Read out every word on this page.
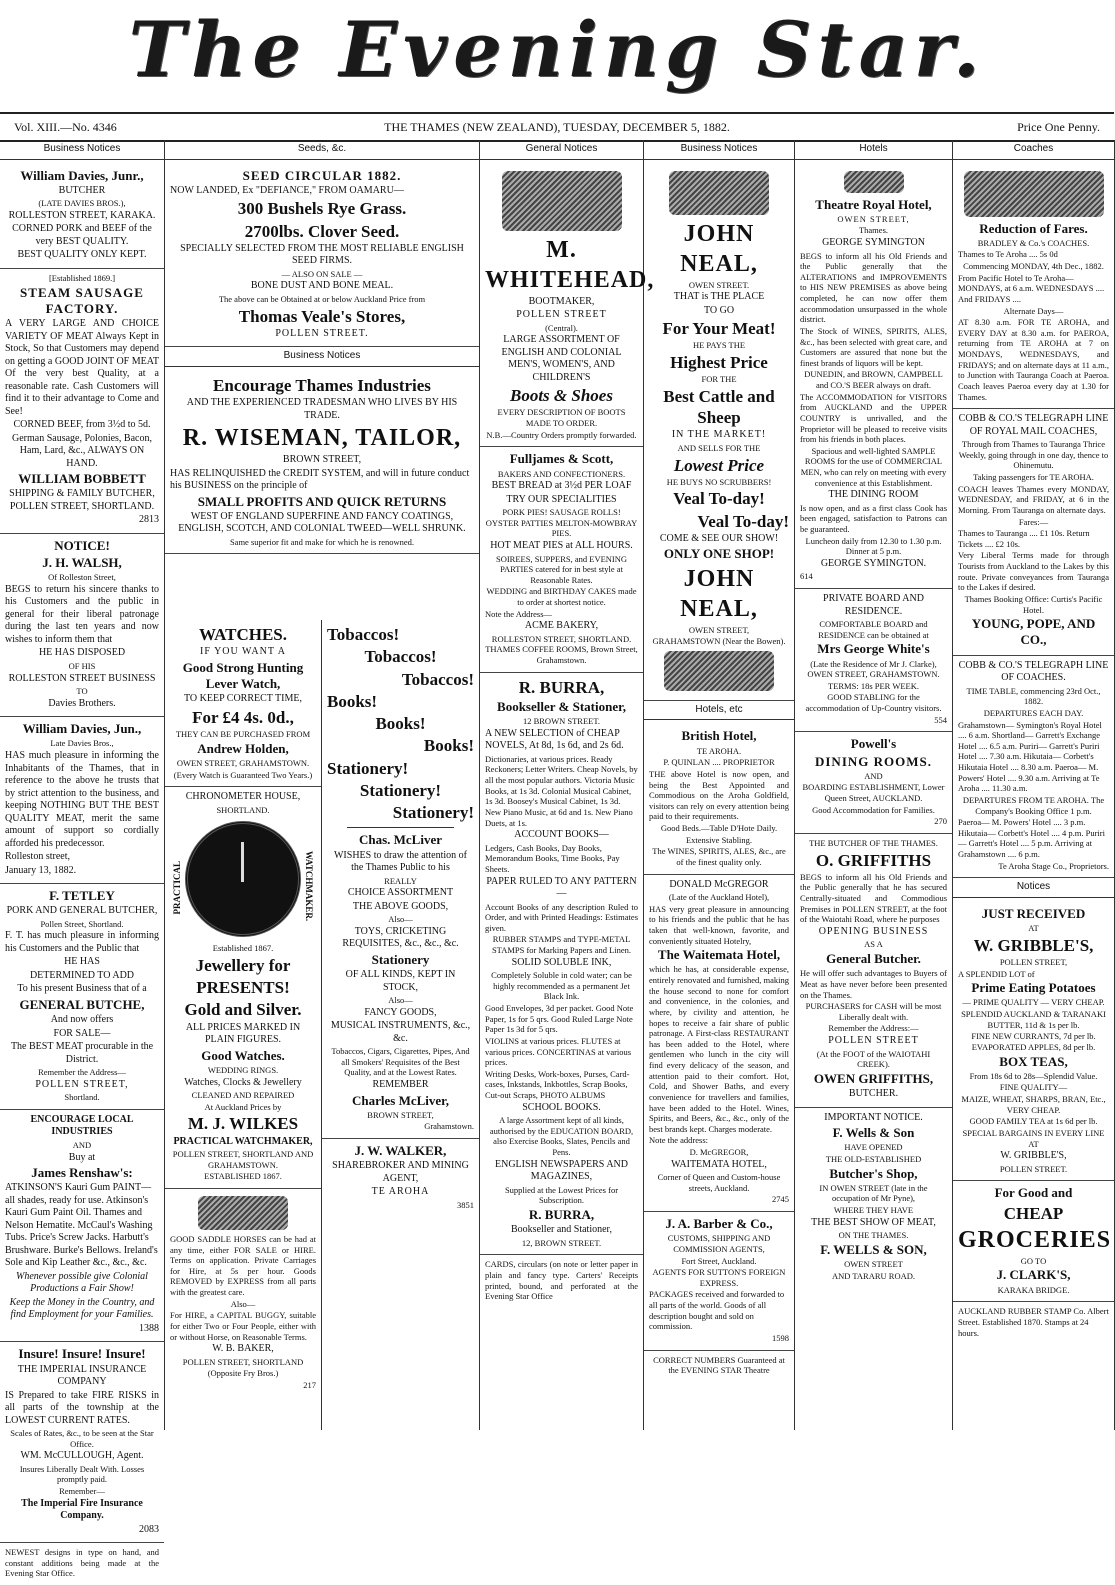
The Evening Star.
Vol. XIII.—No. 4346	THE THAMES (NEW ZEALAND), TUESDAY, DECEMBER 5, 1882.	Price One Penny.
Business Notices

William Davies, Junr.,

BUTCHER

(LATE DAVIES BROS.),

ROLLESTON STREET, KARAKA.

CORNED PORK and BEEF of the very BEST QUALITY.

BEST QUALITY ONLY KEPT.

[Established 1869.]

STEAM SAUSAGE FACTORY.

A VERY LARGE AND CHOICE VARIETY OF MEAT Always Kept in Stock, So that Customers may depend on getting a GOOD JOINT OF MEAT Of the very best Quality, at a reasonable rate. Cash Customers will find it to their advantage to Come and See!

CORNED BEEF, from 3½d to 5d.

German Sausage, Polonies, Bacon, Ham, Lard, &c., ALWAYS ON HAND.

WILLIAM BOBBETT

SHIPPING & FAMILY BUTCHER, POLLEN STREET, SHORTLAND.

2813

NOTICE!

J. H. WALSH,

Of Rolleston Street,

BEGS to return his sincere thanks to his Customers and the public in general for their liberal patronage during the last ten years and now wishes to inform them that

HE HAS DISPOSED

OF HIS

ROLLESTON STREET BUSINESS

TO

Davies Brothers.

William Davies, Jun.,

Late Davies Bros.,

HAS much pleasure in informing the Inhabitants of the Thames, that in reference to the above he trusts that by strict attention to the business, and keeping NOTHING BUT THE BEST QUALITY MEAT, merit the same amount of support so cordially afforded his predecessor.

Rolleston street,

January 13, 1882.

F. TETLEY

PORK AND GENERAL BUTCHER,

Pollen Street, Shortland.

F. T. has much pleasure in informing his Customers and the Public that

HE HAS

DETERMINED TO ADD

To his present Business that of a

GENERAL BUTCHE,

And now offers

FOR SALE—

The BEST MEAT procurable in the District.

Remember the Address—

POLLEN STREET,

Shortland.

ENCOURAGE LOCAL INDUSTRIES

AND

Buy at

James Renshaw's:

ATKINSON'S Kauri Gum PAINT—all shades, ready for use. Atkinson's Kauri Gum Paint Oil. Thames and Nelson Hematite. McCaul's Washing Tubs. Price's Screw Jacks. Harbutt's Brushware. Burke's Bellows. Ireland's Sole and Kip Leather &c., &c., &c.

Whenever possible give Colonial Productions a Fair Show!

Keep the Money in the Country, and find Employment for your Families.

1388

Insure! Insure! Insure!

THE IMPERIAL INSURANCE COMPANY

IS Prepared to take FIRE RISKS in all parts of the township at the LOWEST CURRENT RATES.

Scales of Rates, &c., to be seen at the Star Office.

WM. McCULLOUGH, Agent.

Insures Liberally Dealt With. Losses promptly paid.

Remember—

The Imperial Fire Insurance Company.

2083

NEWEST designs in type on hand, and constant additions being made at the Evening Star Office.

Seeds, &c.

SEED CIRCULAR 1882.

NOW LANDED, Ex "DEFIANCE," FROM OAMARU—

300 Bushels Rye Grass.

2700lbs. Clover Seed.

SPECIALLY SELECTED FROM THE MOST RELIABLE ENGLISH SEED FIRMS.

— ALSO ON SALE —

BONE DUST AND BONE MEAL.

The above can be Obtained at or below Auckland Price from

Thomas Veale's Stores,

POLLEN STREET.

Business Notices

Encourage Thames Industries

AND THE EXPERIENCED TRADESMAN WHO LIVES BY HIS TRADE.

R. WISEMAN, TAILOR,

BROWN STREET,

HAS RELINQUISHED the CREDIT SYSTEM, and will in future conduct his BUSINESS on the principle of

SMALL PROFITS AND QUICK RETURNS

WEST OF ENGLAND SUPERFINE AND FANCY COATINGS, ENGLISH, SCOTCH, AND COLONIAL TWEED—WELL SHRUNK.

Same superior fit and make for which he is renowned.

WATCHES.

IF YOU WANT A

Good Strong Hunting Lever Watch,

TO KEEP CORRECT TIME,

For £4 4s. 0d.,

THEY CAN BE PURCHASED FROM

Andrew Holden,

OWEN STREET, GRAHAMSTOWN.

(Every Watch is Guaranteed Two Years.)

CHRONOMETER HOUSE,

SHORTLAND.

PRACTICAL	WATCHMAKER.

Established 1867.

Jewellery for

PRESENTS!

Gold and Silver.

ALL PRICES MARKED IN PLAIN FIGURES.

Good Watches.

WEDDING RINGS.

Watches, Clocks & Jewellery

CLEANED AND REPAIRED

At Auckland Prices by

M. J. WILKES

PRACTICAL WATCHMAKER,

POLLEN STREET, SHORTLAND AND GRAHAMSTOWN.

ESTABLISHED 1867.

GOOD SADDLE HORSES can be had at any time, either FOR SALE or HIRE. Terms on application. Private Carriages for Hire, at 5s per hour. Goods REMOVED by EXPRESS from all parts with the greatest care.

Also—

For HIRE, a CAPITAL BUGGY, suitable for either Two or Four People, either with or without Horse, on Reasonable Terms.

W. B. BAKER,

POLLEN STREET, SHORTLAND

(Opposite Fry Bros.)

217

Tobaccos!

Tobaccos!

Tobaccos!

Books!

Books!

Books!

Stationery!

Stationery!

Stationery!

Chas. McLiver

WISHES to draw the attention of the Thames Public to his

REALLY

CHOICE ASSORTMENT

THE ABOVE GOODS,

Also—

TOYS, CRICKETING REQUISITES, &c., &c., &c.

Stationery

OF ALL KINDS, KEPT IN STOCK,

Also—

FANCY GOODS,

MUSICAL INSTRUMENTS, &c., &c.

Tobaccos, Cigars, Cigarettes, Pipes, And all Smokers' Requisites of the Best Quality, and at the Lowest Rates.

REMEMBER

Charles McLiver,

BROWN STREET,

Grahamstown.

J. W. WALKER,

SHAREBROKER AND MINING AGENT,

TE AROHA

3851

General Notices

M. WHITEHEAD,

BOOTMAKER,

POLLEN STREET

(Central).

LARGE ASSORTMENT OF ENGLISH AND COLONIAL MEN'S, WOMEN'S, AND CHILDREN'S

Boots & Shoes

EVERY DESCRIPTION OF BOOTS MADE TO ORDER.

N.B.—Country Orders promptly forwarded.

Fulljames & Scott,

BAKERS AND CONFECTIONERS.

BEST BREAD at 3½d PER LOAF

TRY OUR SPECIALITIES

PORK PIES! SAUSAGE ROLLS! OYSTER PATTIES MELTON-MOWBRAY PIES.

HOT MEAT PIES at ALL HOURS.

SOIREES, SUPPERS, and EVENING PARTIES catered for in best style at Reasonable Rates.

WEDDING and BIRTHDAY CAKES made to order at shortest notice.

Note the Address—

ACME BAKERY,

ROLLESTON STREET, SHORTLAND. THAMES COFFEE ROOMS, Brown Street, Grahamstown.

R. BURRA,

Bookseller & Stationer,

12 BROWN STREET.

A NEW SELECTION of CHEAP NOVELS, At 8d, 1s 6d, and 2s 6d.

Dictionaries, at various prices. Ready Reckoners; Letter Writers. Cheap Novels, by all the most popular authors. Victoria Music Books, at 1s 3d. Colonial Musical Cabinet, 1s 3d. Boosey's Musical Cabinet, 1s 3d. New Piano Music, at 6d and 1s. New Piano Duets, at 1s.

ACCOUNT BOOKS—

Ledgers, Cash Books, Day Books, Memorandum Books, Time Books, Pay Sheets.

PAPER RULED TO ANY PATTERN—

Account Books of any description Ruled to Order, and with Printed Headings: Estimates given.

RUBBER STAMPS and TYPE-METAL STAMPS for Marking Papers and Linen.

SOLID SOLUBLE INK,

Completely Soluble in cold water; can be highly recommended as a permanent Jet Black Ink.

Good Envelopes, 3d per packet. Good Note Paper, 1s for 5 qrs. Good Ruled Large Note Paper 1s 3d for 5 qrs.

VIOLINS at various prices. FLUTES at various prices. CONCERTINAS at various prices.

Writing Desks, Work-boxes, Purses, Card-cases, Inkstands, Inkbottles, Scrap Books, Cut-out Scraps, PHOTO ALBUMS

SCHOOL BOOKS.

A large Assortment kept of all kinds, authorised by the EDUCATION BOARD, also Exercise Books, Slates, Pencils and Pens.

ENGLISH NEWSPAPERS AND MAGAZINES,

Supplied at the Lowest Prices for Subscription.

R. BURRA,

Bookseller and Stationer,

12, BROWN STREET.

CARDS, circulars (on note or letter paper in plain and fancy type. Carters' Receipts printed, bound, and perforated at the Evening Star Office

Business Notices

JOHN NEAL,

OWEN STREET.

THAT is THE PLACE

TO GO

For Your Meat!

HE PAYS THE

Highest Price

FOR THE

Best Cattle and Sheep

IN THE MARKET!

AND SELLS FOR THE

Lowest Price

HE BUYS NO SCRUBBERS!

Veal To-day!

Veal To-day!

COME & SEE OUR SHOW!

ONLY ONE SHOP!

JOHN NEAL,

OWEN STREET,

GRAHAMSTOWN (Near the Bowen).

Hotels, etc

British Hotel,

TE AROHA.

P. QUINLAN .... PROPRIETOR

THE above Hotel is now open, and being the Best Appointed and Commodious on the Aroha Goldfield, visitors can rely on every attention being paid to their requirements.

Good Beds.—Table D'Hote Daily.

Extensive Stabling.

The WINES, SPIRITS, ALES, &c., are of the finest quality only.

DONALD McGREGOR

(Late of the Auckland Hotel),

HAS very great pleasure in announcing to his friends and the public that he has taken that well-known, favorite, and conveniently situated Hotelry,

The Waitemata Hotel,

which he has, at considerable expense, entirely renovated and furnished, making the house second to none for comfort and convenience, in the colonies, and where, by civility and attention, he hopes to receive a fair share of public patronage. A First-class RESTAURANT has been added to the Hotel, where gentlemen who lunch in the city will find every delicacy of the season, and attention paid to their comfort. Hot, Cold, and Shower Baths, and every convenience for travellers and families, have been added to the Hotel. Wines, Spirits, and Beers, &c., &c., only of the best brands kept. Charges moderate.

Note the address:

D. McGREGOR,

WAITEMATA HOTEL,

Corner of Queen and Custom-house streets, Auckland.

2745

J. A. Barber & Co.,

CUSTOMS, SHIPPING AND COMMISSION AGENTS,

Fort Street, Auckland.

AGENTS FOR SUTTON'S FOREIGN EXPRESS.

PACKAGES received and forwarded to all parts of the world. Goods of all description bought and sold on commission.

1598

CORRECT NUMBERS Guaranteed at the EVENING STAR Theatre

Hotels

Theatre Royal Hotel,

OWEN STREET,

Thames.

GEORGE SYMINGTON

BEGS to inform all his Old Friends and the Public generally that the ALTERATIONS and IMPROVEMENTS to HIS NEW PREMISES as above being completed, he can now offer them accommodation unsurpassed in the whole district.

The Stock of WINES, SPIRITS, ALES, &c., has been selected with great care, and Customers are assured that none but the finest brands of liquors will be kept.

DUNEDIN, and BROWN, CAMPBELL and CO.'S BEER always on draft.

The ACCOMMODATION for VISITORS from AUCKLAND and the UPPER COUNTRY is unrivalled, and the Proprietor will be pleased to receive visits from his friends in both places.

Spacious and well-lighted SAMPLE ROOMS for the use of COMMERCIAL MEN, who can rely on meeting with every convenience at this Establishment.

THE DINING ROOM

Is now open, and as a first class Cook has been engaged, satisfaction to Patrons can be guaranteed.

Luncheon daily from 12.30 to 1.30 p.m. Dinner at 5 p.m.

GEORGE SYMINGTON.

614

PRIVATE BOARD AND RESIDENCE.

COMFORTABLE BOARD and RESIDENCE can be obtained at

Mrs George White's

(Late the Residence of Mr J. Clarke), OWEN STREET, GRAHAMSTOWN.

TERMS: 18s PER WEEK.

GOOD STABLING for the accommodation of Up-Country visitors.

554

Powell's

DINING ROOMS.

AND

BOARDING ESTABLISHMENT, Lower Queen Street, AUCKLAND.

Good Accommodation for Families.

270

THE BUTCHER OF THE THAMES.

O. GRIFFITHS

BEGS to inform all his Old Friends and the Public generally that he has secured Centrally-situated and Commodious Premises in POLLEN STREET, at the foot of the Waiotahi Road, where he purposes

OPENING BUSINESS

AS A

General Butcher.

He will offer such advantages to Buyers of Meat as have never before been presented on the Thames.

PURCHASERS for CASH will be most Liberally dealt with.

Remember the Address:—

POLLEN STREET

(At the FOOT of the WAIOTAHI CREEK).

OWEN GRIFFITHS,

BUTCHER.

IMPORTANT NOTICE.

F. Wells & Son

HAVE OPENED

THE OLD-ESTABLISHED

Butcher's Shop,

IN OWEN STREET (late in the occupation of Mr Pyne),

WHERE THEY HAVE

THE BEST SHOW OF MEAT,

ON THE THAMES.

F. WELLS & SON,

OWEN STREET

AND TARARU ROAD.

Coaches

Reduction of Fares.

BRADLEY & Co.'s COACHES.

Thames to Te Aroha .... 5s 0d

Commencing MONDAY, 4th Dec., 1882.

From Pacific Hotel to Te Aroha— MONDAYS, at 6 a.m. WEDNESDAYS .... And FRIDAYS ....

Alternate Days—

AT 8.30 a.m. FOR TE AROHA, and EVERY DAY at 8.30 a.m. for PAEROA, returning from TE AROHA at 7 on MONDAYS, WEDNESDAYS, and FRIDAYS; and on alternate days at 11 a.m., to Junction with Tauranga Coach at Paeroa. Coach leaves Paeroa every day at 1.30 for Thames.

COBB & CO.'S TELEGRAPH LINE OF ROYAL MAIL COACHES,

Through from Thames to Tauranga Thrice Weekly, going through in one day, thence to Ohinemutu.

Taking passengers for TE AROHA.

COACH leaves Thames every MONDAY, WEDNESDAY, and FRIDAY, at 6 in the Morning. From Tauranga on alternate days.

Fares:—

Thames to Tauranga .... £1 10s. Return Tickets .... £2 10s.

Very Liberal Terms made for through Tourists from Auckland to the Lakes by this route. Private conveyances from Tauranga to the Lakes if desired.

Thames Booking Office: Curtis's Pacific Hotel.

YOUNG, POPE, AND CO.,

COBB & CO.'S TELEGRAPH LINE OF COACHES.

TIME TABLE, commencing 23rd Oct., 1882.

DEPARTURES EACH DAY.

Grahamstown— Symington's Royal Hotel .... 6 a.m. Shortland— Garrett's Exchange Hotel .... 6.5 a.m. Puriri— Garrett's Puriri Hotel .... 7.30 a.m. Hikutaia— Corbett's Hikutaia Hotel .... 8.30 a.m. Paeroa— M. Powers' Hotel .... 9.30 a.m. Arriving at Te Aroha .... 11.30 a.m.

DEPARTURES FROM TE AROHA. The Company's Booking Office 1 p.m.

Paeroa— M. Powers' Hotel .... 3 p.m. Hikutaia— Corbett's Hotel .... 4 p.m. Puriri— Garrett's Hotel .... 5 p.m. Arriving at Grahamstown .... 6 p.m.

Te Aroha Stage Co., Proprietors.

Notices

JUST RECEIVED

AT

W. GRIBBLE'S,

POLLEN STREET,

A SPLENDID LOT of

Prime Eating Potatoes

— PRIME QUALITY — VERY CHEAP.

SPLENDID AUCKLAND & TARANAKI BUTTER, 11d & 1s per lb.

FINE NEW CURRANTS, 7d per lb. EVAPORATED APPLES, 8d per lb.

BOX TEAS,

From 18s 6d to 28s—Splendid Value.

FINE QUALITY—

MAIZE, WHEAT, SHARPS, BRAN, Etc., VERY CHEAP.

GOOD FAMILY TEA at 1s 6d per lb.

SPECIAL BARGAINS IN EVERY LINE AT

W. GRIBBLE'S,

POLLEN STREET.

For Good and

CHEAP

GROCERIES

GO TO

J. CLARK'S,

KARAKA BRIDGE.

AUCKLAND RUBBER STAMP Co. Albert Street. Established 1870. Stamps at 24 hours.
